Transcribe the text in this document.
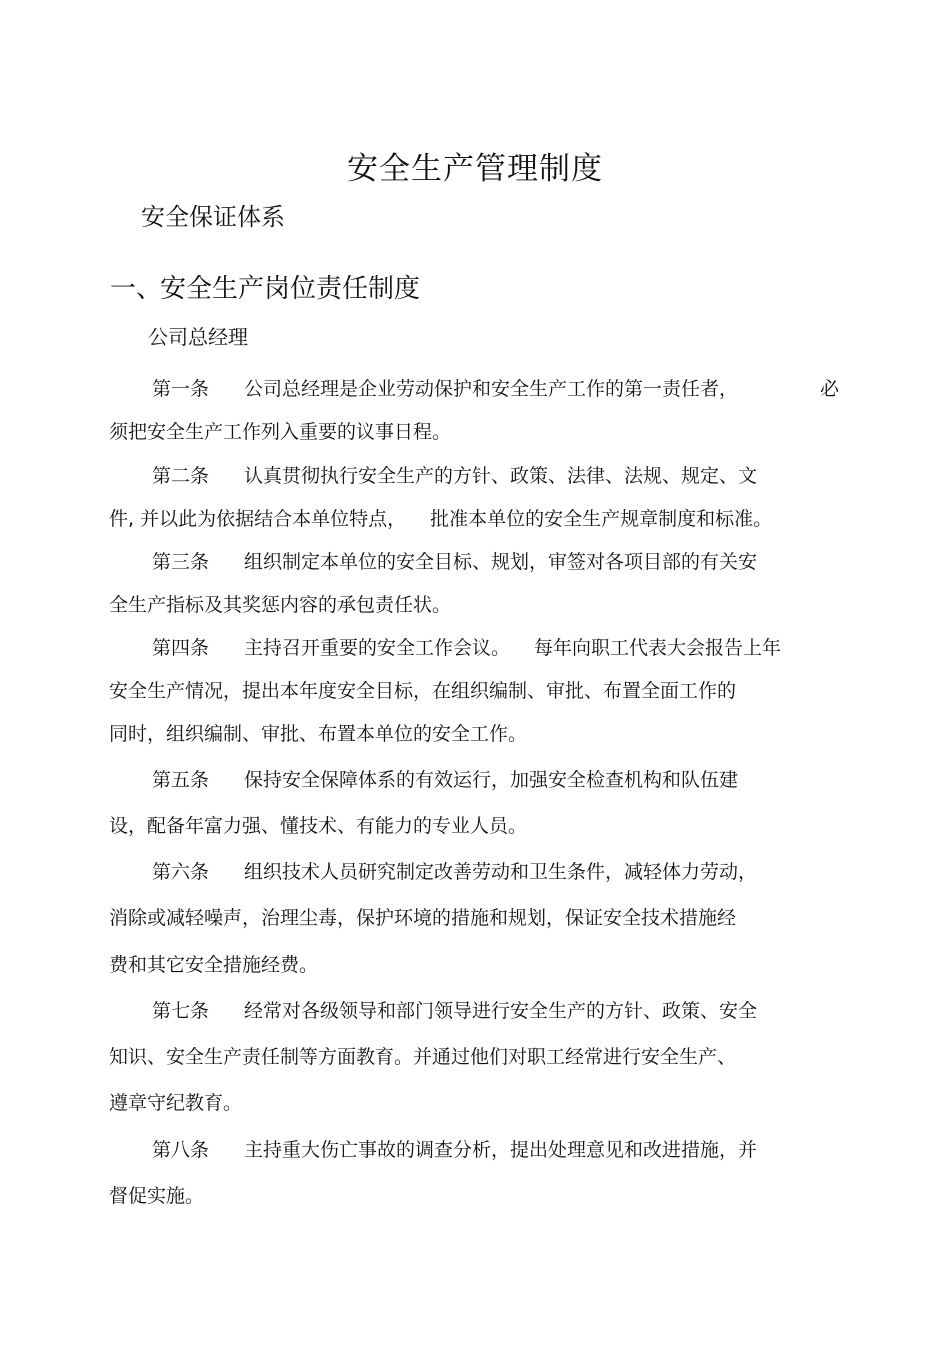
安全生产管理制度
安全保证体系
一、安全生产岗位责任制度
公司总经理
第一条 公司总经理是企业劳动保护和安全生产工作的第一责任者，	必
须把安全生产工作列入重要的议事日程。
第二条 认真贯彻执行安全生产的方针、政策、法律、法规、规定、文
件, 并以此为依据结合本单位特点， 批准本单位的安全生产规章制度和标准。
第三条 组织制定本单位的安全目标、规划，审签对各项目部的有关安
全生产指标及其奖惩内容的承包责任状。
第四条 主持召开重要的安全工作会议。 每年向职工代表大会报告上年
安全生产情况，提出本年度安全目标，在组织编制、审批、布置全面工作的
同时，组织编制、审批、布置本单位的安全工作。
第五条 保持安全保障体系的有效运行，加强安全检查机构和队伍建
设，配备年富力强、懂技术、有能力的专业人员。
第六条 组织技术人员研究制定改善劳动和卫生条件，减轻体力劳动，
消除或减轻噪声，治理尘毒，保护环境的措施和规划，保证安全技术措施经
费和其它安全措施经费。
第七条 经常对各级领导和部门领导进行安全生产的方针、政策、安全
知识、安全生产责任制等方面教育。并通过他们对职工经常进行安全生产、
遵章守纪教育。
第八条 主持重大伤亡事故的调查分析，提出处理意见和改进措施，并
督促实施。
